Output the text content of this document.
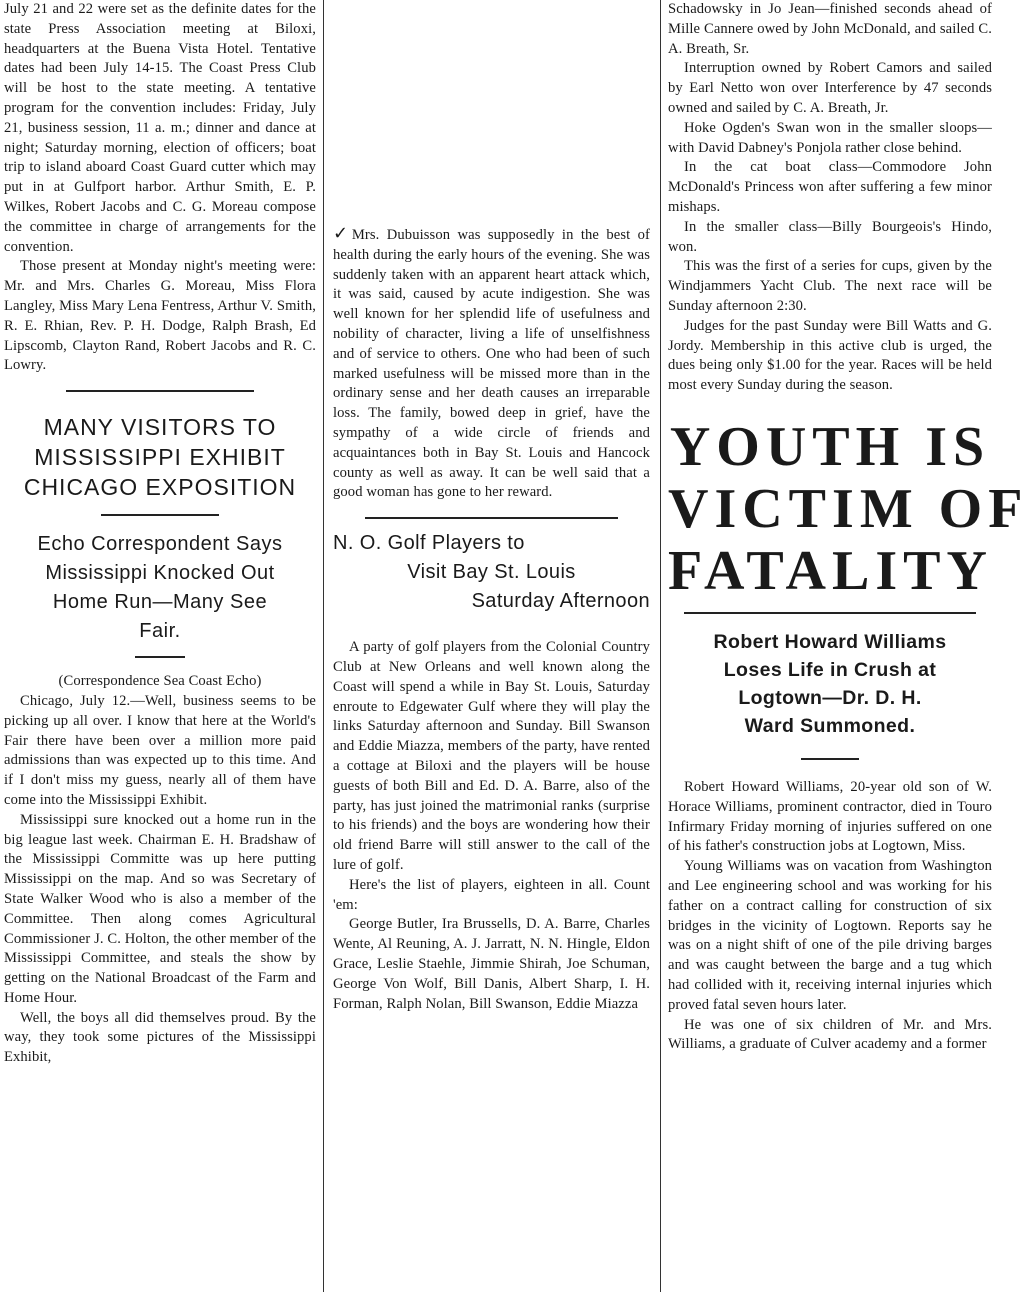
July 21 and 22 were set as the definite dates for the state Press Association meeting at Biloxi, headquarters at the Buena Vista Hotel. Tentative dates had been July 14-15. The Coast Press Club will be host to the state meeting. A tentative program for the convention includes: Friday, July 21, business session, 11 a. m.; dinner and dance at night; Saturday morning, election of officers; boat trip to island aboard Coast Guard cutter which may put in at Gulfport harbor. Arthur Smith, E. P. Wilkes, Robert Jacobs and C. G. Moreau compose the committee in charge of arrangements for the convention.

Those present at Monday night's meeting were: Mr. and Mrs. Charles G. Moreau, Miss Flora Langley, Miss Mary Lena Fentress, Arthur V. Smith, R. E. Rhian, Rev. P. H. Dodge, Ralph Brash, Ed Lipscomb, Clayton Rand, Robert Jacobs and R. C. Lowry.

MANY VISITORS TO
MISSISSIPPI EXHIBIT
CHICAGO EXPOSITION
Echo Correspondent Says
Mississippi Knocked Out
Home Run—Many See
Fair.

(Correspondence Sea Coast Echo)

Chicago, July 12.—Well, business seems to be picking up all over. I know that here at the World's Fair there have been over a million more paid admissions than was expected up to this time. And if I don't miss my guess, nearly all of them have come into the Mississippi Exhibit.

Mississippi sure knocked out a home run in the big league last week. Chairman E. H. Bradshaw of the Mississippi Committe was up here putting Mississippi on the map. And so was Secretary of State Walker Wood who is also a member of the Committee. Then along comes Agricultural Commissioner J. C. Holton, the other member of the Mississippi Committee, and steals the show by getting on the National Broadcast of the Farm and Home Hour.

Well, the boys all did themselves proud. By the way, they took some pictures of the Mississippi Exhibit,

✓Mrs. Dubuisson was supposedly in the best of health during the early hours of the evening. She was suddenly taken with an apparent heart attack which, it was said, caused by acute indigestion. She was well known for her splendid life of usefulness and nobility of character, living a life of unselfishness and of service to others. One who had been of such marked usefulness will be missed more than in the ordinary sense and her death causes an irreparable loss. The family, bowed deep in grief, have the sympathy of a wide circle of friends and acquaintances both in Bay St. Louis and Hancock county as well as away. It can be well said that a good woman has gone to her reward.

N. O. Golf Players to
Visit Bay St. Louis
Saturday Afternoon

A party of golf players from the Colonial Country Club at New Orleans and well known along the Coast will spend a while in Bay St. Louis, Saturday enroute to Edgewater Gulf where they will play the links Saturday afternoon and Sunday. Bill Swanson and Eddie Miazza, members of the party, have rented a cottage at Biloxi and the players will be house guests of both Bill and Ed. D. A. Barre, also of the party, has just joined the matrimonial ranks (surprise to his friends) and the boys are wondering how their old friend Barre will still answer to the call of the lure of golf.

Here's the list of players, eighteen in all. Count 'em:

George Butler, Ira Brussells, D. A. Barre, Charles Wente, Al Reuning, A. J. Jarratt, N. N. Hingle, Eldon Grace, Leslie Staehle, Jimmie Shirah, Joe Schuman, George Von Wolf, Bill Danis, Albert Sharp, I. H. Forman, Ralph Nolan, Bill Swanson, Eddie Miazza

Schadowsky in Jo Jean—finished seconds ahead of Mille Cannere owed by John McDonald, and sailed C. A. Breath, Sr.

Interruption owned by Robert Camors and sailed by Earl Netto won over Interference by 47 seconds owned and sailed by C. A. Breath, Jr.

Hoke Ogden's Swan won in the smaller sloops—with David Dabney's Ponjola rather close behind.

In the cat boat class—Commodore John McDonald's Princess won after suffering a few minor mishaps.

In the smaller class—Billy Bourgeois's Hindo, won.

This was the first of a series for cups, given by the Windjammers Yacht Club. The next race will be Sunday afternoon 2:30.

Judges for the past Sunday were Bill Watts and G. Jordy. Membership in this active club is urged, the dues being only $1.00 for the year. Races will be held most every Sunday during the season.

YOUTH IS
VICTIM OF
FATALITY
Robert Howard Williams
Loses Life in Crush at
Logtown—Dr. D. H.
Ward Summoned.

Robert Howard Williams, 20-year old son of W. Horace Williams, prominent contractor, died in Touro Infirmary Friday morning of injuries suffered on one of his father's construction jobs at Logtown, Miss.

Young Williams was on vacation from Washington and Lee engineering school and was working for his father on a contract calling for construction of six bridges in the vicinity of Logtown. Reports say he was on a night shift of one of the pile driving barges and was caught between the barge and a tug which had collided with it, receiving internal injuries which proved fatal seven hours later.

He was one of six children of Mr. and Mrs. Williams, a graduate of Culver academy and a former
